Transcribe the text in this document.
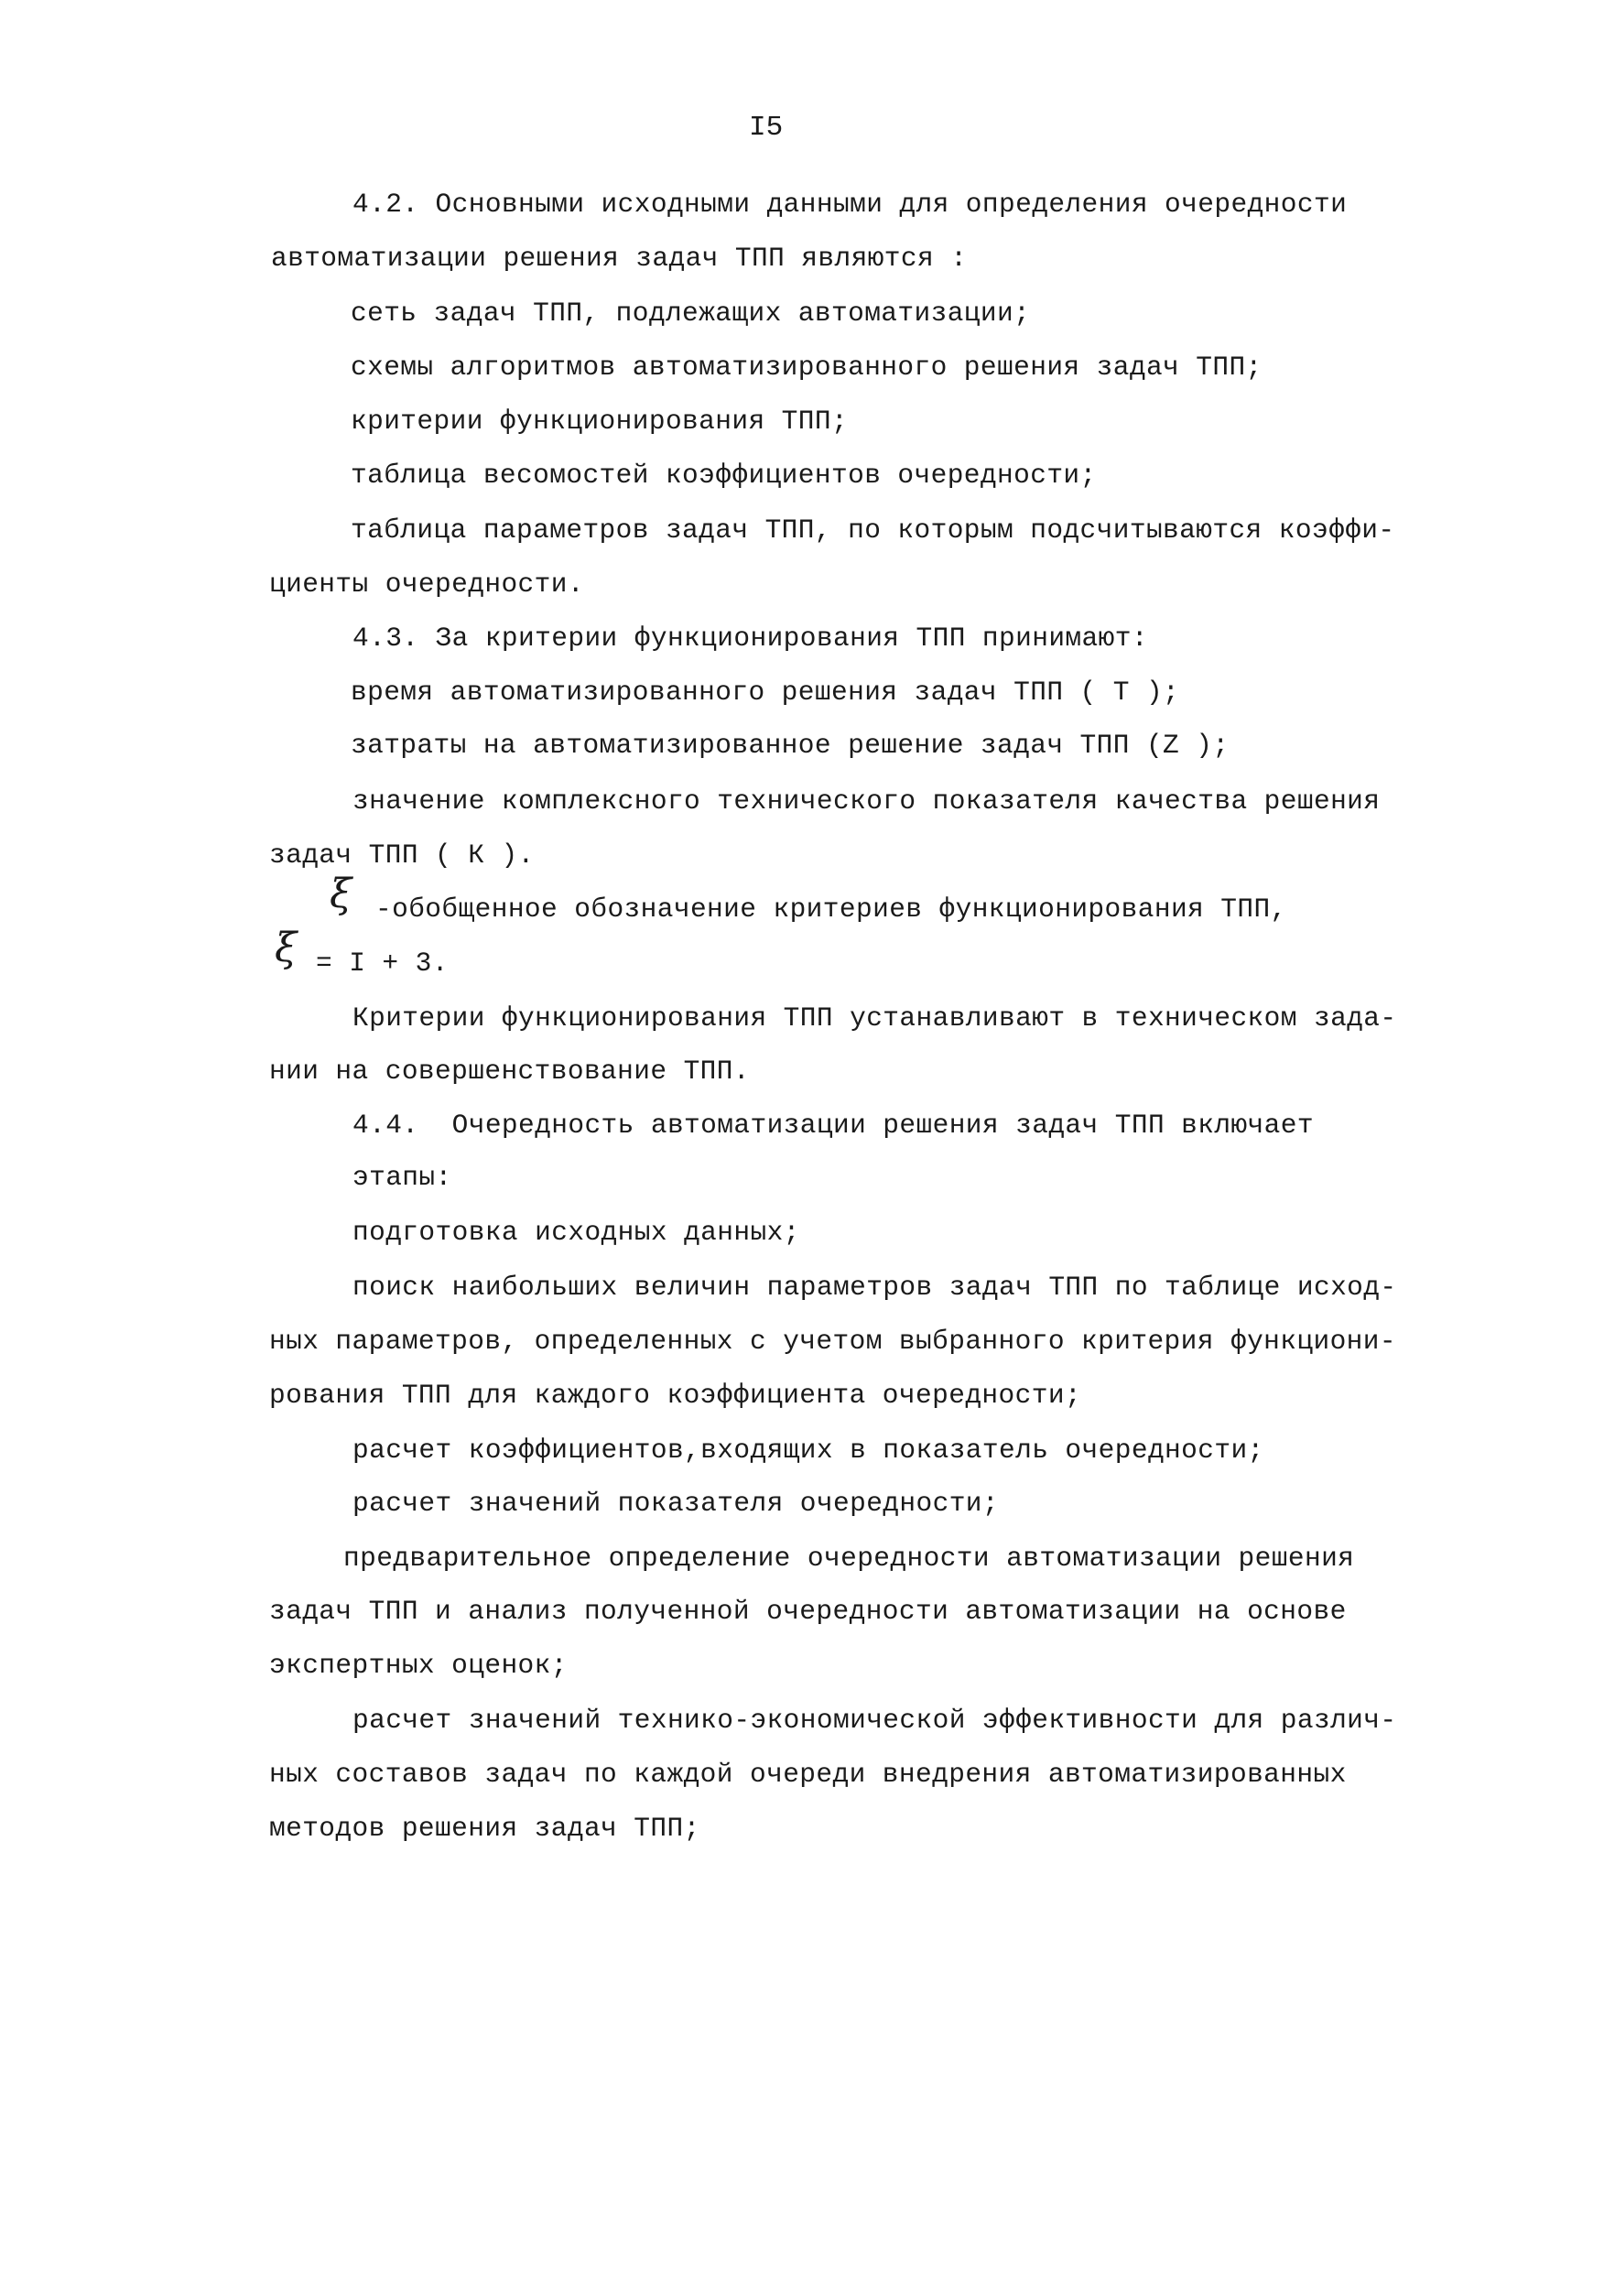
I5

4.2. Основными исходными данными для определения очередности

автоматизации решения задач ТПП являются :

сеть задач ТПП, подлежащих автоматизации;

схемы алгоритмов автоматизированного решения задач ТПП;

критерии функционирования ТПП;

таблица весомостей коэффициентов очередности;

таблица параметров задач ТПП, по которым подсчитываются коэффи-

циенты очередности.

4.3. За критерии функционирования ТПП принимают:

время автоматизированного решения задач ТПП ( T );

затраты на автоматизированное решение задач ТПП (Z );

значение комплексного технического показателя качества решения

задач ТПП ( К ).

ξ -обобщенное обозначение критериев функционирования ТПП,

ξ = I + 3.

Критерии функционирования ТПП устанавливают в техническом зада-

нии на совершенствование ТПП.

4.4.  Очередность автоматизации решения задач ТПП включает

этапы:

подготовка исходных данных;

поиск наибольших величин параметров задач ТПП по таблице исход-

ных параметров, определенных с учетом выбранного критерия функциони-

рования ТПП для каждого коэффициента очередности;

расчет коэффициентов,входящих в показатель очередности;

расчет значений показателя очередности;

предварительное определение очередности автоматизации решения

задач ТПП и анализ полученной очередности автоматизации на основе

экспертных оценок;

расчет значений технико-экономической эффективности для различ-

ных составов задач по каждой очереди внедрения автоматизированных

методов решения задач ТПП;
